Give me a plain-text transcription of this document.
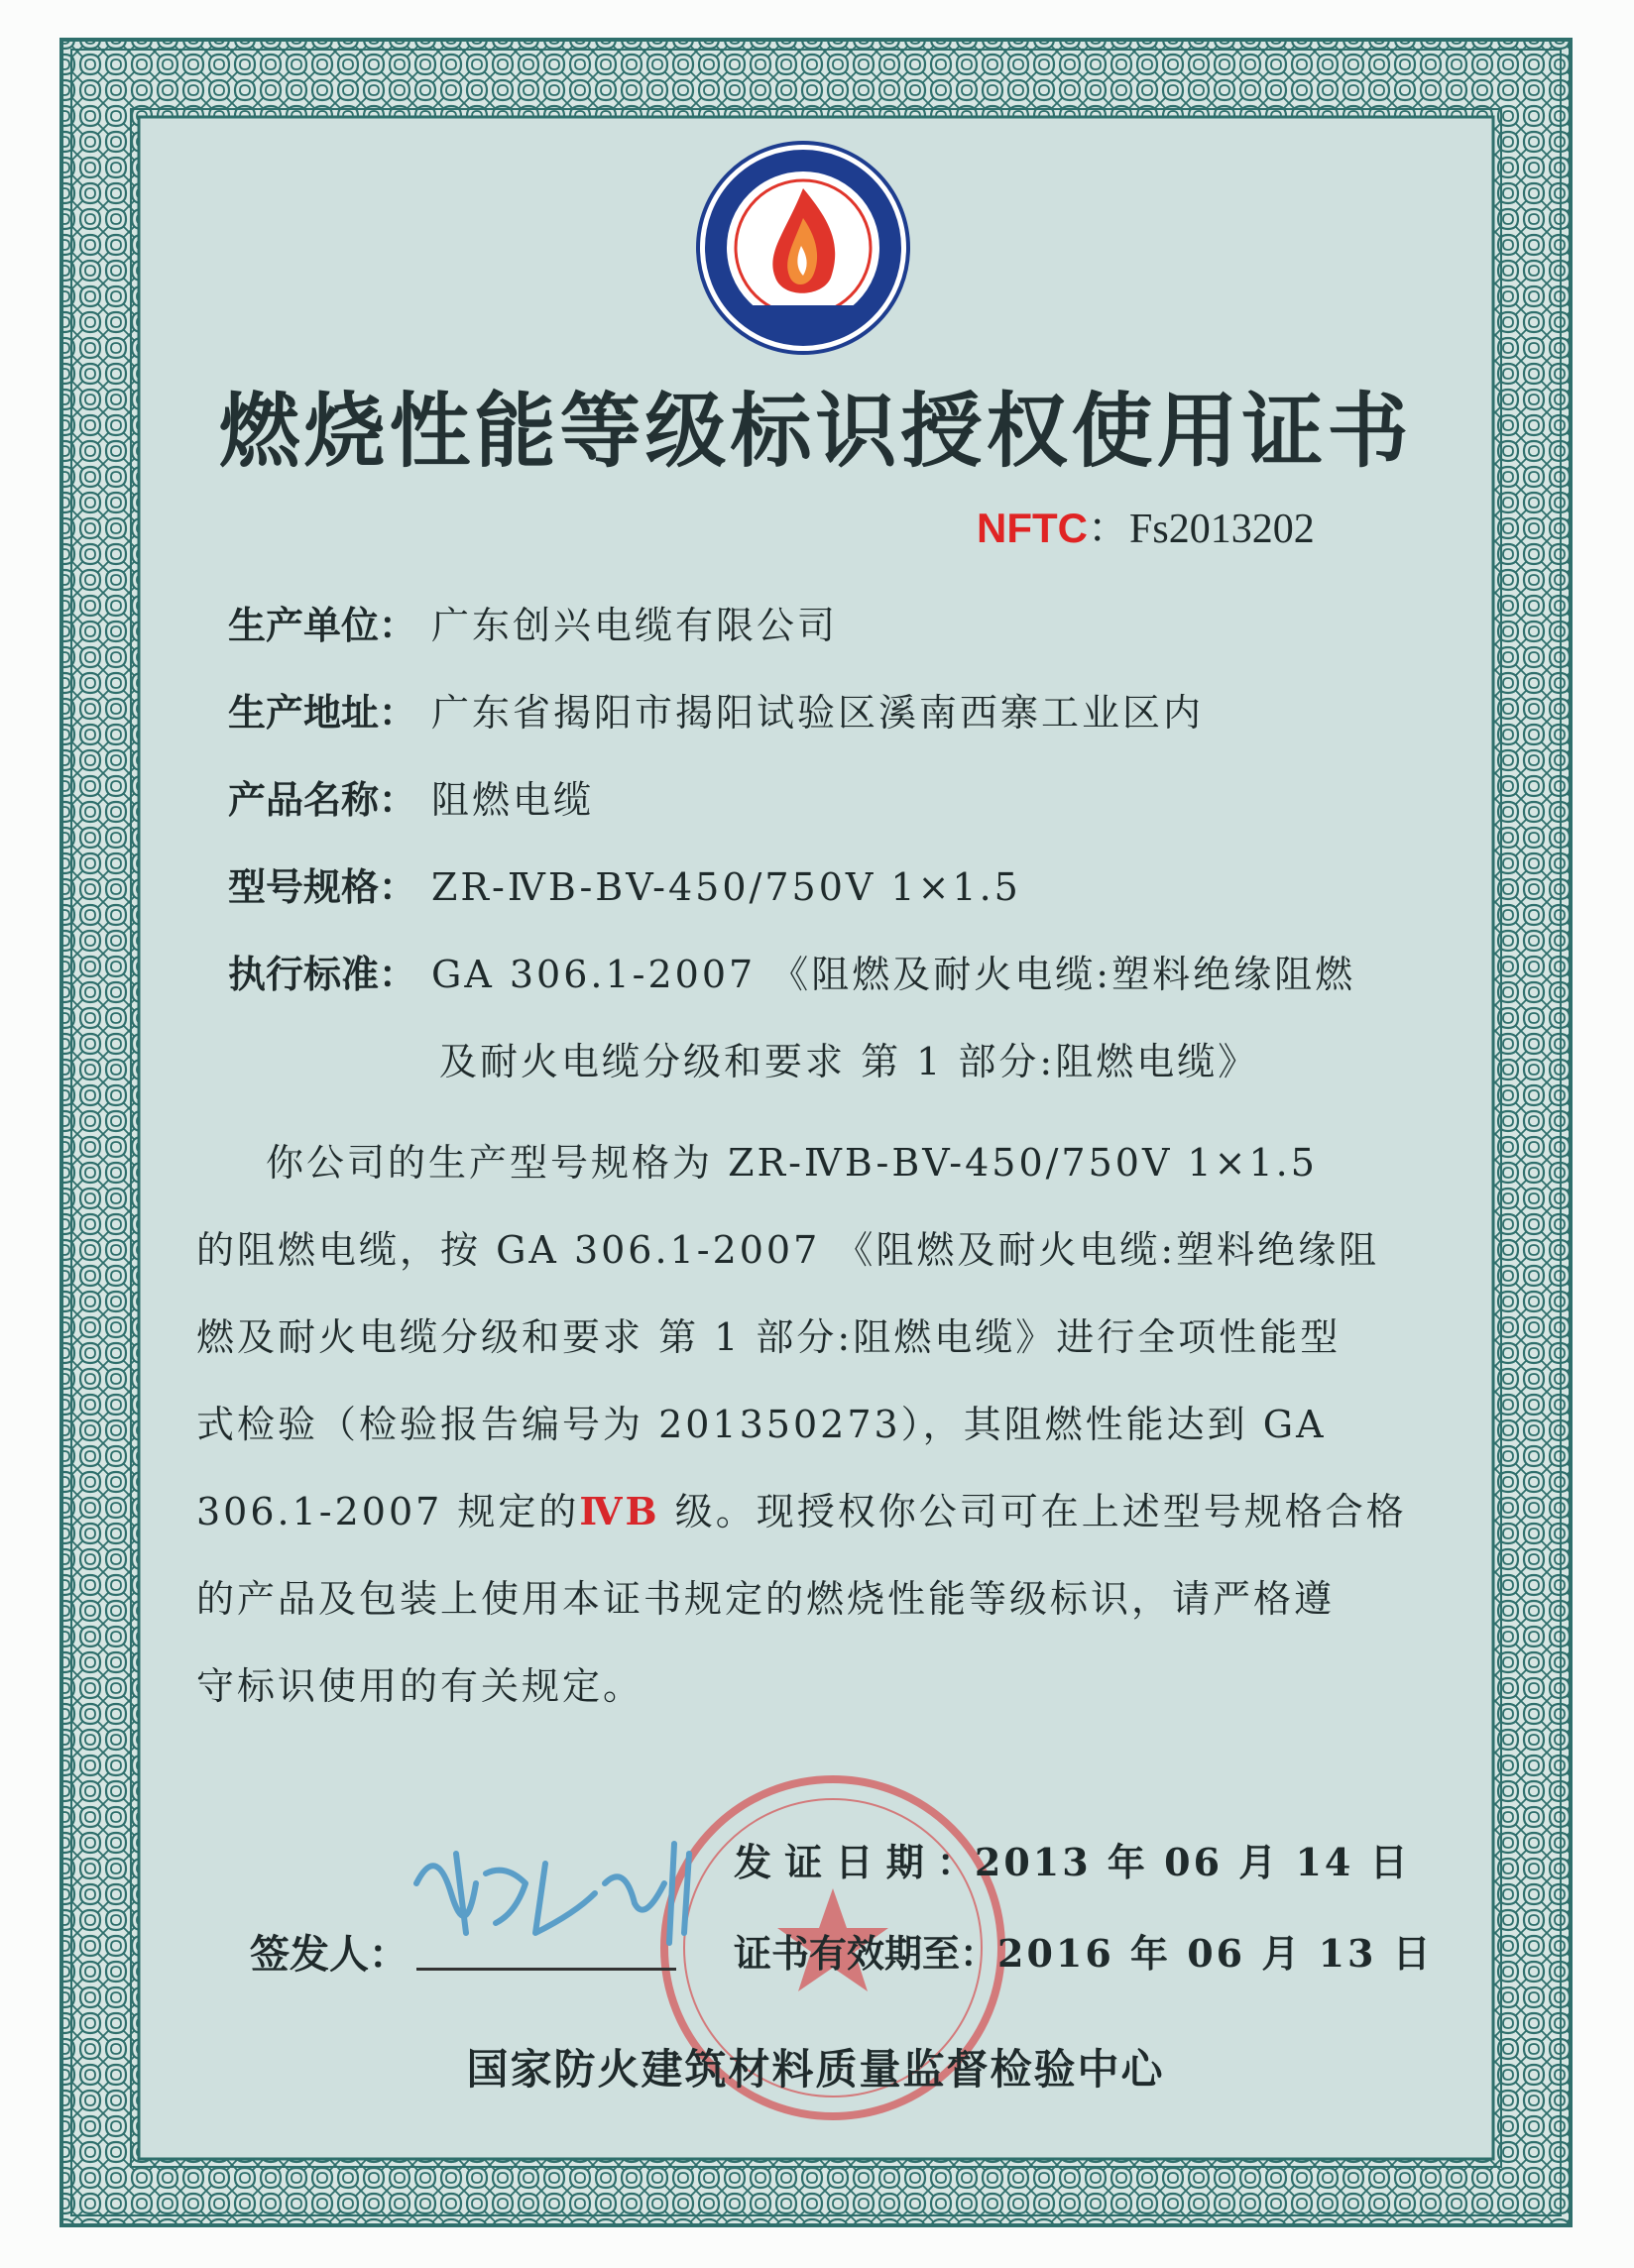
燃烧性能等级标识授权使用证书
NFTC：Fs2013202
生产单位： 广东创兴电缆有限公司
生产地址： 广东省揭阳市揭阳试验区溪南西寨工业区内
产品名称： 阻燃电缆
型号规格： ZR-ⅣB-BV-450/750V 1×1.5
执行标准： GA 306.1-2007 《阻燃及耐火电缆:塑料绝缘阻燃
及耐火电缆分级和要求 第 1 部分:阻燃电缆》
你公司的生产型号规格为 ZR-ⅣB-BV-450/750V 1×1.5
的阻燃电缆，按 GA 306.1-2007 《阻燃及耐火电缆:塑料绝缘阻
燃及耐火电缆分级和要求 第 1 部分:阻燃电缆》进行全项性能型
式检验（检验报告编号为 201350273），其阻燃性能达到 GA
306.1-2007 规定的ⅣB 级。现授权你公司可在上述型号规格合格
的产品及包装上使用本证书规定的燃烧性能等级标识，请严格遵
守标识使用的有关规定。
签发人：
发 证 日 期 ：2013 年 06 月 14 日
证书有效期至：2016 年 06 月 13 日
国家防火建筑材料质量监督检验中心
